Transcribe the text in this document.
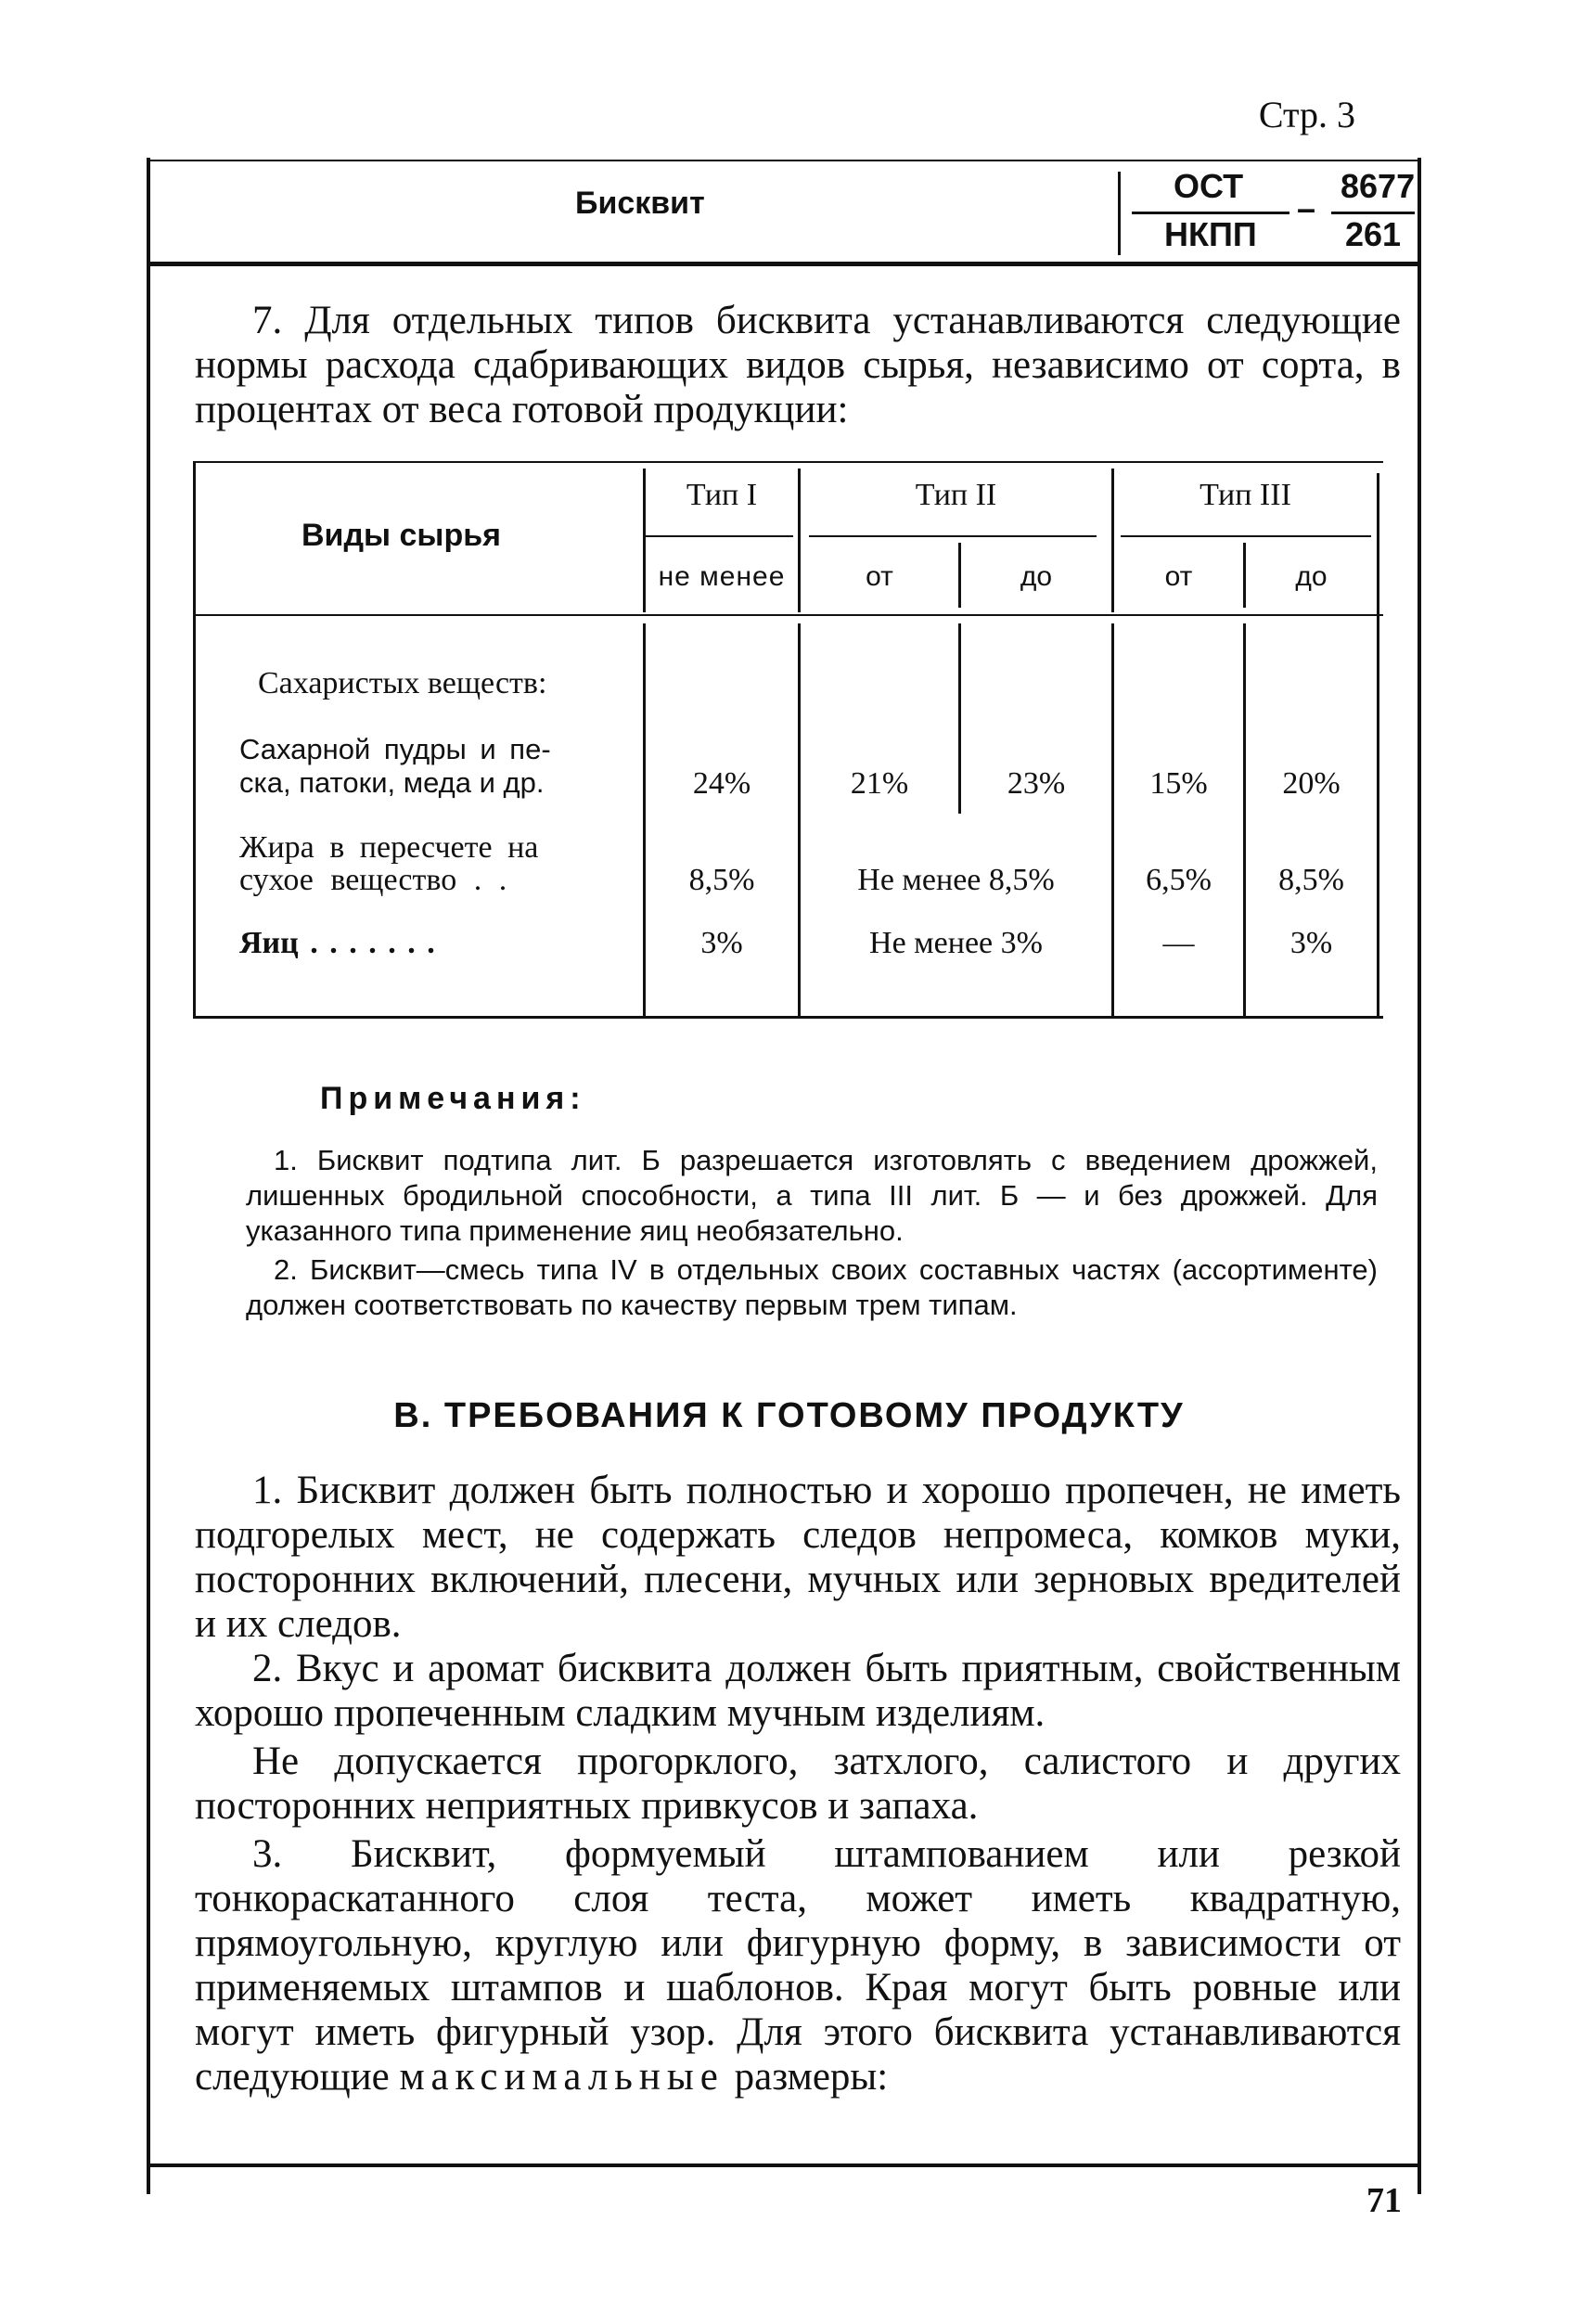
Стр. 3
Бисквит	ОСТ	8677
–
НКПП	261
7. Для отдельных типов бисквита устанавливаются следующие нормы расхода сдабривающих видов сырья, независимо от сорта, в процентах от веса готовой продукции:
Виды сырья
Тип I	Тип II	Тип III
не менее	от	до	от	до
Сахаристых веществ:
Сахарной пудры и пе-
ска, патоки, меда и др.	24%	21%	23%	15%	20%
Жира в пересчете на
сухое вещество . .	8,5%	Не менее 8,5%	6,5%	8,5%
Яиц . . . . . . .	3%	Не менее 3%	—	3%
Примечания:
1. Бисквит подтипа лит. Б разрешается изготовлять с введением дрожжей, лишенных бродильной способности, а типа III лит. Б — и без дрожжей. Для указанного типа применение яиц необязательно.
2. Бисквит—смесь типа IV в отдельных своих составных частях (ассортименте) должен соответствовать по качеству первым трем типам.
В. ТРЕБОВАНИЯ К ГОТОВОМУ ПРОДУКТУ
1. Бисквит должен быть полностью и хорошо пропечен, не иметь подгорелых мест, не содержать следов непромеса, комков муки, посторонних включений, плесени, мучных или зерновых вредителей и их следов.
2. Вкус и аромат бисквита должен быть приятным, свойственным хорошо пропеченным сладким мучным изделиям.
Не допускается прогорклого, затхлого, салистого и других посторонних неприятных привкусов и запаха.
3. Бисквит, формуемый штампованием или резкой тонкораскатанного слоя теста, может иметь квадратную, прямоугольную, круглую или фигурную форму, в зависимости от применяемых штампов и шаблонов. Края могут быть ровные или могут иметь фигурный узор. Для этого бисквита устанавливаются следующие максимальные размеры:
71
